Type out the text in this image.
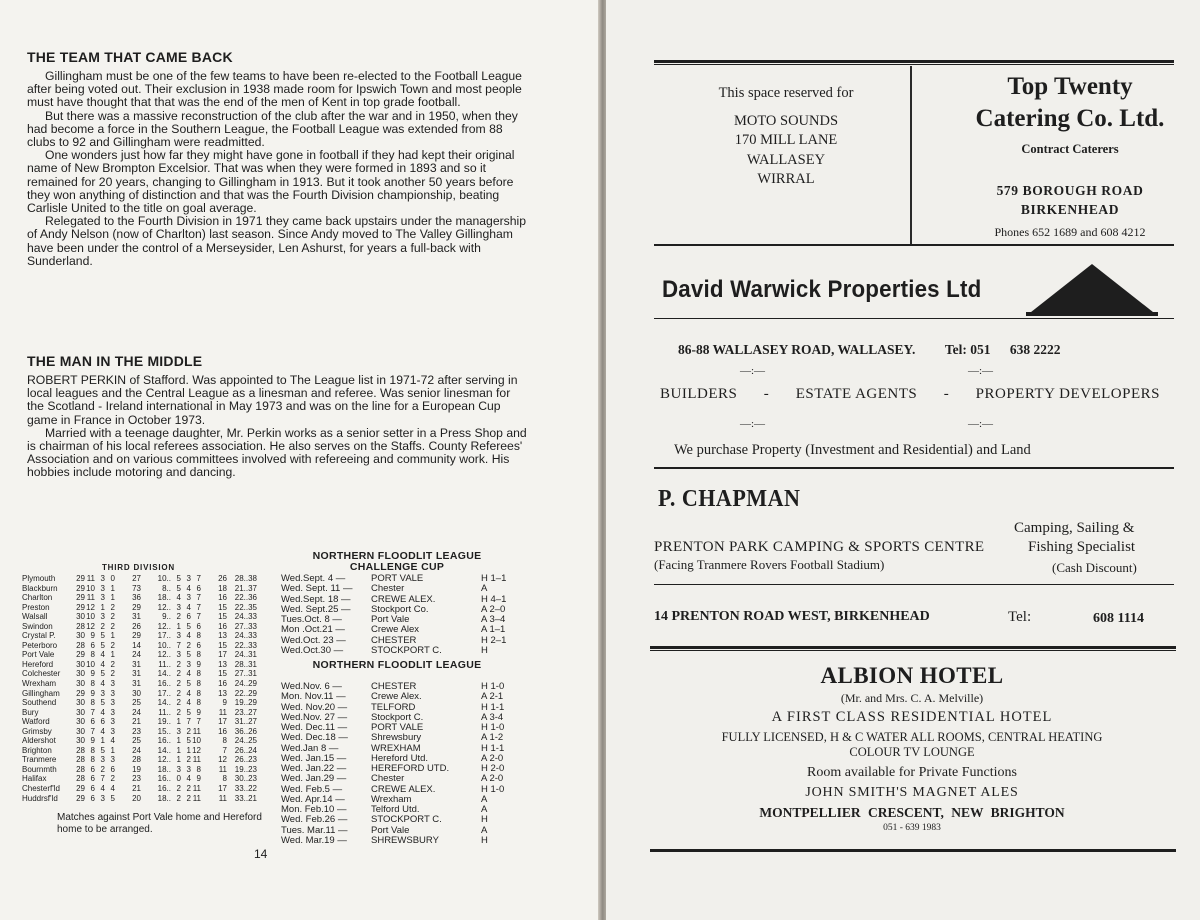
THE TEAM THAT CAME BACK

Gillingham must be one of the few teams to have been re-elected to the Football League after being voted out. Their exclusion in 1938 made room for Ipswich Town and most people must have thought that that was the end of the men of Kent in top grade football.

But there was a massive reconstruction of the club after the war and in 1950, when they had become a force in the Southern League, the Football League was extended from 88 clubs to 92 and Gillingham were readmitted.

One wonders just how far they might have gone in football if they had kept their original name of New Brompton Excelsior. That was when they were formed in 1893 and so it remained for 20 years, changing to Gillingham in 1913. But it took another 50 years before they won anything of distinction and that was the Fourth Division championship, beating Carlisle United to the title on goal average.

Relegated to the Fourth Division in 1971 they came back upstairs under the managership of Andy Nelson (now of Charlton) last season. Since Andy moved to The Valley Gillingham have been under the control of a Merseysider, Len Ashurst, for years a full-back with Sunderland.

THE MAN IN THE MIDDLE

ROBERT PERKIN of Stafford. Was appointed to The League list in 1971-72 after serving in local leagues and the Central League as a linesman and referee. Was senior linesman for the Scotland - Ireland international in May 1973 and was on the line for a European Cup game in France in October 1973.

Married with a teenage daughter, Mr. Perkin works as a senior setter in a Press Shop and is chairman of his local referees association. He also serves on the Staffs. County Referees' Association and on various committees involved with refereeing and community work. His hobbies include motoring and dancing.

THIRD DIVISION
Plymouth	29 11 3 0	27	10.. 5 3 7	26 28..38
Blackburn	29 10 3 1	73	8.. 5 4 6	18 21..37
Charlton	29 11 3 1	36	18.. 4 3 7	16 22..36
Preston	29 12 1 2	29	12.. 3 4 7	15 22..35
Walsall	30 10 3 2	31	9.. 2 6 7	15 24..33
Swindon	28 12 2 2	26	12.. 1 5 6	16 27..33
Crystal P.	30 9 5 1	29	17.. 3 4 8	13 24..33
Peterboro	28 6 5 2	14	10.. 7 2 6	15 22..33
Port Vale	29 8 4 1	24	12.. 3 5 8	17 24..31
Hereford	30 10 4 2	31	11.. 2 3 9	13 28..31
Colchester	30 9 5 2	31	14.. 2 4 8	15 27..31
Wrexham	30 8 4 3	31	16.. 2 5 8	16 24..29
Gillingham	29 9 3 3	30	17.. 2 4 8	13 22..29
Southend	30 8 5 3	25	14.. 2 4 8	9 19..29
Bury	30 7 4 3	24	11.. 2 5 9	11 23..27
Watford	30 6 6 3	21	19.. 1 7 7	17 31..27
Grimsby	30 7 4 3	23	15.. 3 2 11	16 36..26
Aldershot	30 9 1 4	25	16.. 1 5 10	8 24..25
Brighton	28 8 5 1	24	14.. 1 1 12	7 26..24
Tranmere	28 8 3 3	28	12.. 1 2 11	12 26..23
Bournmth	28 6 2 6	19	18.. 3 3 8	11 19..23
Halifax	28 6 7 2	23	16.. 0 4 9	8 30..23
Chesterf'ld	29 6 4 4	21	16.. 2 2 11	17 33..22
Huddrsf'ld	29 6 3 5	20	18.. 2 2 11	11 33..21
Matches against Port Vale home and Hereford home to be arranged.
14
NORTHERN FLOODLIT LEAGUE
CHALLENGE CUP
Wed.Sept. 4 —	PORT VALE	H 1–1
Wed. Sept. 11 —	Chester	A
Wed.Sept. 18 —	CREWE ALEX.	H 4–1
Wed. Sept.25 —	Stockport Co.	A 2–0
Tues.Oct. 8 —	Port Vale	A 3–4
Mon .Oct.21 —	Crewe Alex	A 1–1
Wed.Oct. 23 —	CHESTER	H 2–1
Wed.Oct.30 —	STOCKPORT C.	H
NORTHERN FLOODLIT LEAGUE
Wed.Nov. 6 —	CHESTER	H 1-0
Mon. Nov.11 —	Crewe Alex.	A 2-1
Wed. Nov.20 —	TELFORD	H 1-1
Wed.Nov. 27 —	Stockport C.	A 3-4
Wed. Dec.11 —	PORT VALE	H 1-0
Wed. Dec.18 —	Shrewsbury	A 1-2
Wed.Jan 8 —	WREXHAM	H 1-1
Wed. Jan.15 —	Hereford Utd.	A 2-0
Wed. Jan.22 —	HEREFORD UTD.	H 2-0
Wed. Jan.29 —	Chester	A 2-0
Wed. Feb.5 —	CREWE ALEX.	H 1-0
Wed. Apr.14 —	Wrexham	A
Mon. Feb.10 —	Telford Utd.	A
Wed. Feb.26 —	STOCKPORT C.	H
Tues. Mar.11 —	Port Vale	A
Wed. Mar.19 —	SHREWSBURY	H
This space reserved for
MOTO SOUNDS
170 MILL LANE
WALLASEY
WIRRAL
Top Twenty
Catering Co. Ltd.
Contract Caterers
579 BOROUGH ROAD
BIRKENHEAD
Phones 652 1689 and 608 4212
David Warwick Properties Ltd
86-88 WALLASEY ROAD, WALLASEY. Tel: 051 638 2222
—:—	—:—
BUILDERS - ESTATE AGENTS - PROPERTY DEVELOPERS
—:—	—:—
We purchase Property (Investment and Residential) and Land
P. CHAPMAN
Camping, Sailing &
PRENTON PARK CAMPING & SPORTS CENTRE	Fishing Specialist
(Facing Tranmere Rovers Football Stadium)	(Cash Discount)
14 PRENTON ROAD WEST, BIRKENHEAD	Tel:	608 1114
ALBION HOTEL
(Mr. and Mrs. C. A. Melville)
A FIRST CLASS RESIDENTIAL HOTEL
FULLY LICENSED, H & C WATER ALL ROOMS, CENTRAL HEATING
COLOUR TV LOUNGE
Room available for Private Functions
JOHN SMITH'S MAGNET ALES
MONTPELLIER CRESCENT, NEW BRIGHTON
051 - 639 1983
